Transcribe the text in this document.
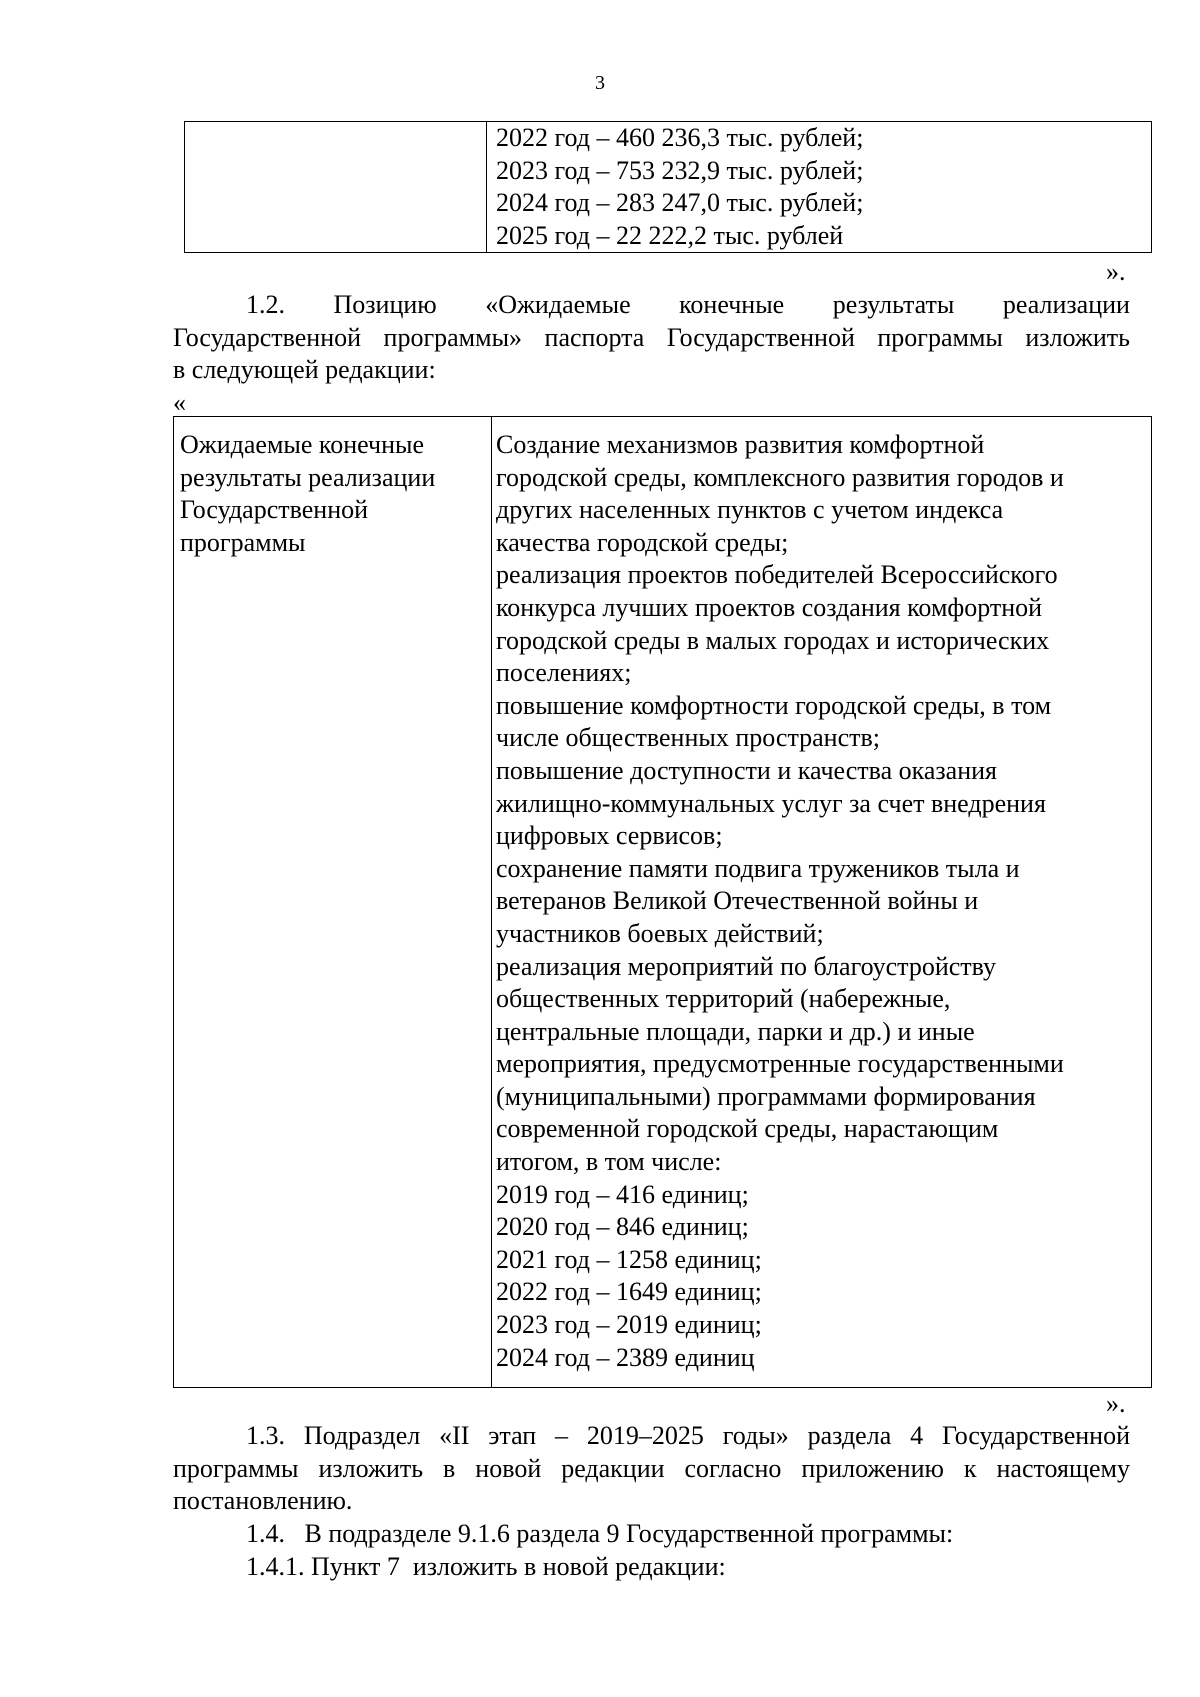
3
2022 год – 460 236,3 тыс. рублей;
2023 год – 753 232,9 тыс. рублей;
2024 год – 283 247,0 тыс. рублей;
2025 год – 22 222,2 тыс. рублей
».
1.2. Позицию «Ожидаемые конечные результаты реализации
Государственной программы» паспорта Государственной программы изложить
в следующей редакции:
«
Ожидаемые конечные
результаты реализации
Государственной
программы
Создание механизмов развития комфортной
городской среды, комплексного развития городов и
других населенных пунктов с учетом индекса
качества городской среды;
реализация проектов победителей Всероссийского
конкурса лучших проектов создания комфортной
городской среды в малых городах и исторических
поселениях;
повышение комфортности городской среды, в том
числе общественных пространств;
повышение доступности и качества оказания
жилищно-коммунальных услуг за счет внедрения
цифровых сервисов;
сохранение памяти подвига тружеников тыла и
ветеранов Великой Отечественной войны и
участников боевых действий;
реализация мероприятий по благоустройству
общественных территорий (набережные,
центральные площади, парки и др.) и иные
мероприятия, предусмотренные государственными
(муниципальными) программами формирования
современной городской среды, нарастающим
итогом, в том числе:
2019 год – 416 единиц;
2020 год – 846 единиц;
2021 год – 1258 единиц;
2022 год – 1649 единиц;
2023 год – 2019 единиц;
2024 год – 2389 единиц
».
1.3. Подраздел «II этап – 2019–2025 годы» раздела 4 Государственной
программы изложить в новой редакции согласно приложению к настоящему
постановлению.
1.4.   В подразделе 9.1.6 раздела 9 Государственной программы:
1.4.1. Пункт 7  изложить в новой редакции:
